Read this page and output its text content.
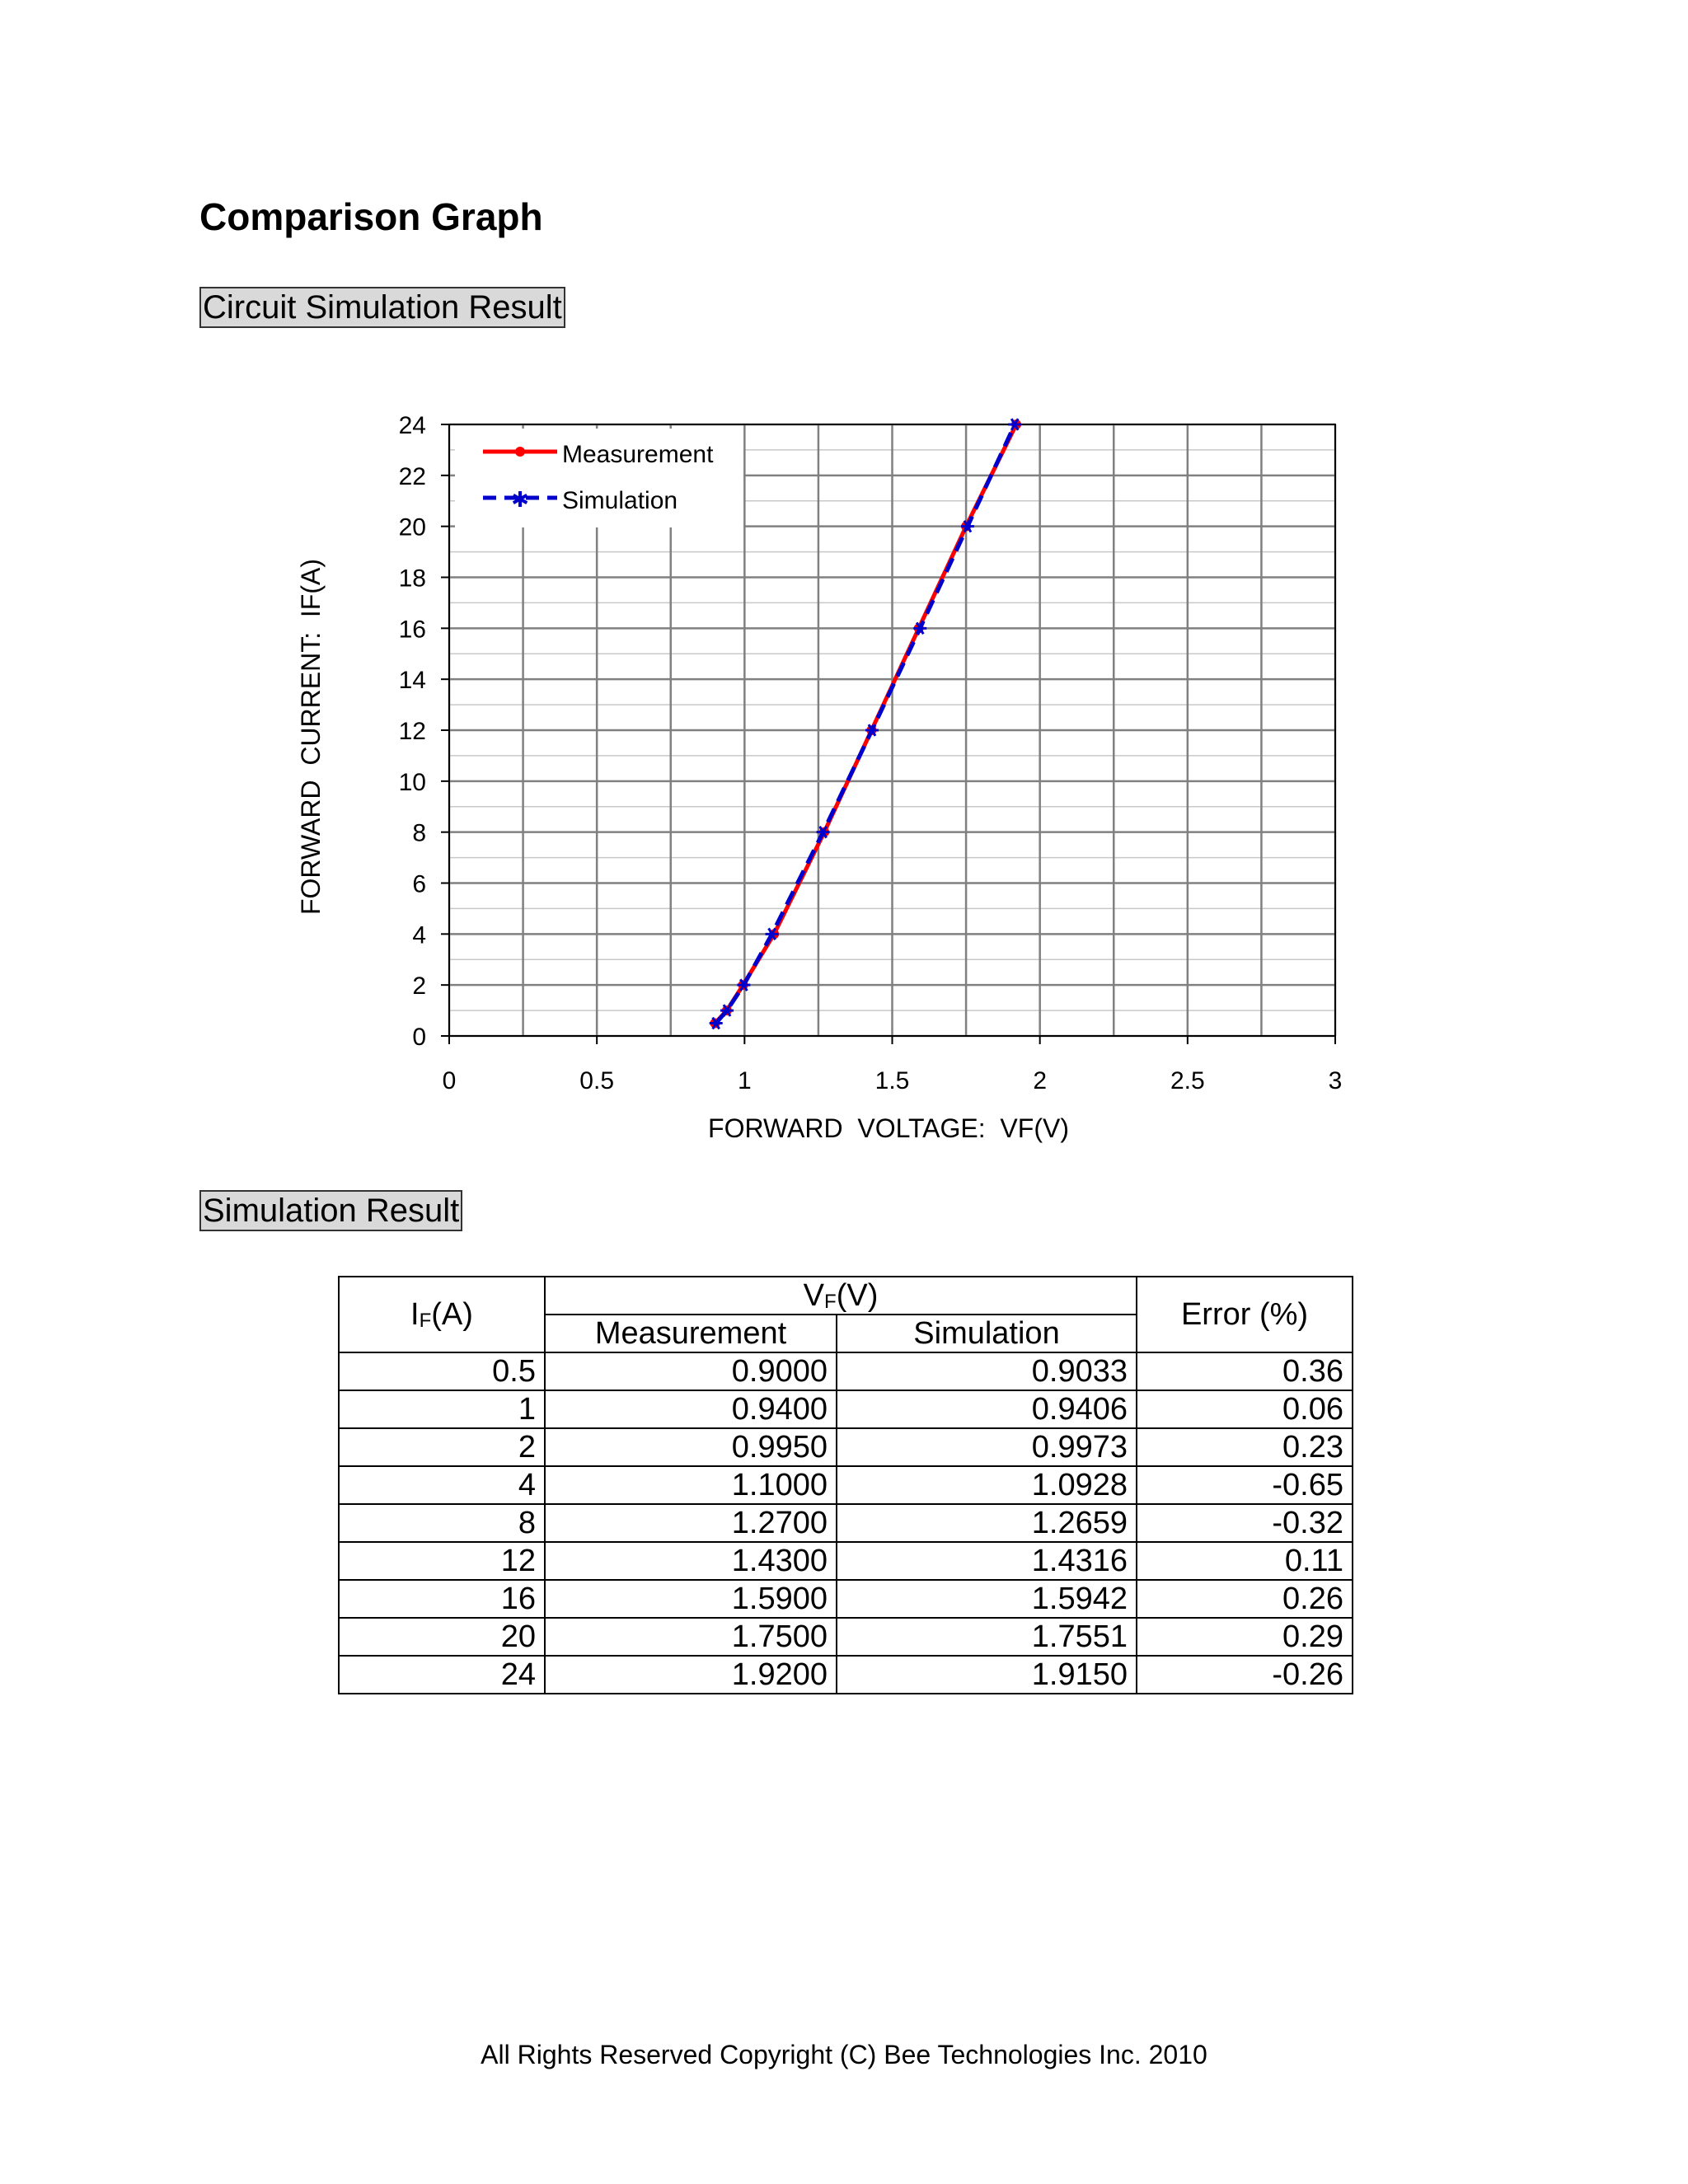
Comparison Graph
Circuit Simulation Result
0
2
4
6
8
10
12
14
16
18
20
22
24
0	0.5	1	1.5	2	2.5	3
Measurement
✱ Simulation
FORWARD  VOLTAGE:  VF(V)
FORWARD  CURRENT:  IF(A)
Simulation Result
$I_F(A)$	$V_F(V)$		Error (%)
	Measurement	Simulation	
0.5	0.9000	0.9033	0.36
1	0.9400	0.9406	0.06
2	0.9950	0.9973	0.23
4	1.1000	1.0928	-0.65
8	1.2700	1.2659	-0.32
12	1.4300	1.4316	0.11
16	1.5900	1.5942	0.26
20	1.7500	1.7551	0.29
24	1.9200	1.9150	-0.26
All Rights Reserved Copyright (C) Bee Technologies Inc. 2010
